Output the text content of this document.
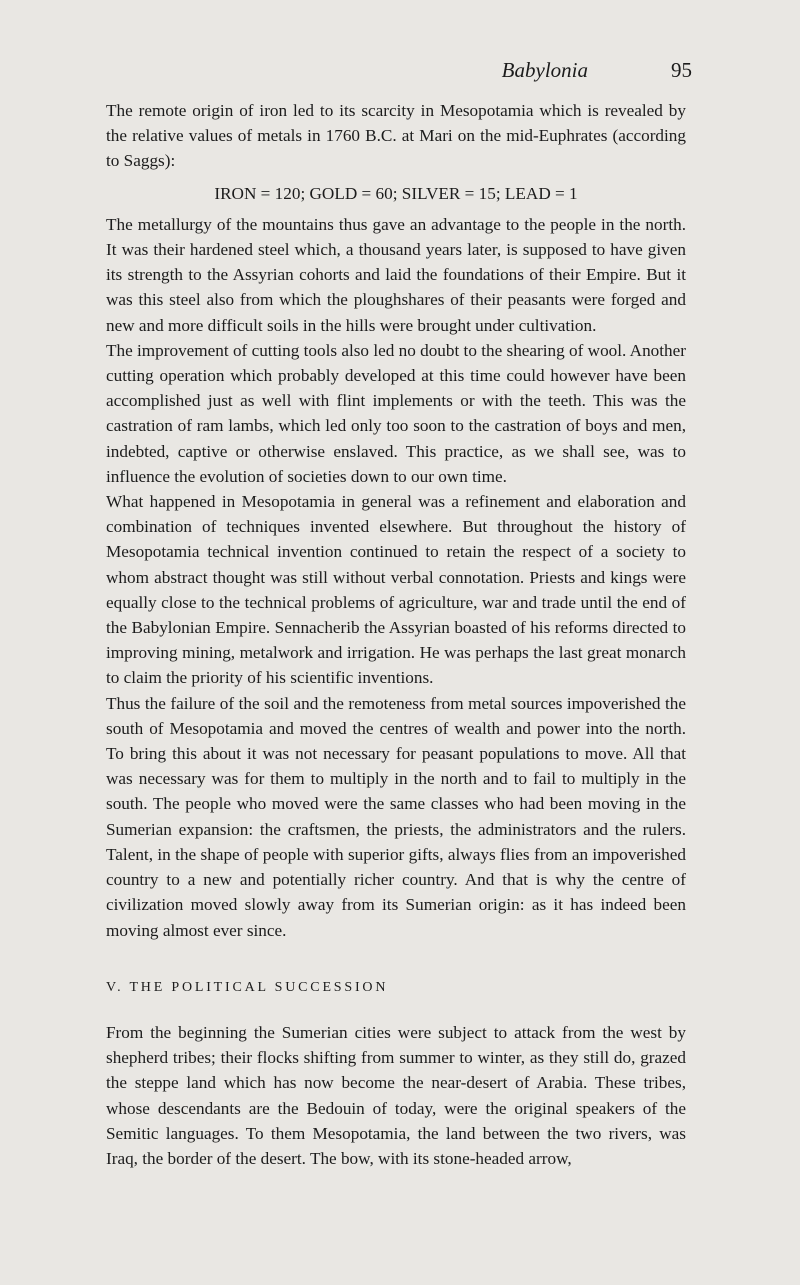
Babylonia	95

The remote origin of iron led to its scarcity in Mesopotamia which is revealed by the relative values of metals in 1760 B.C. at Mari on the mid-Euphrates (according to Saggs):

IRON = 120; GOLD = 60; SILVER = 15; LEAD = 1

The metallurgy of the mountains thus gave an advantage to the people in the north. It was their hardened steel which, a thousand years later, is supposed to have given its strength to the Assyrian cohorts and laid the foundations of their Empire. But it was this steel also from which the ploughshares of their peasants were forged and new and more difficult soils in the hills were brought under cultivation.

The improvement of cutting tools also led no doubt to the shearing of wool. Another cutting operation which probably developed at this time could however have been accomplished just as well with flint implements or with the teeth. This was the castration of ram lambs, which led only too soon to the castration of boys and men, indebted, captive or otherwise enslaved. This practice, as we shall see, was to influence the evolution of societies down to our own time.

What happened in Mesopotamia in general was a refinement and elaboration and combination of techniques invented elsewhere. But throughout the history of Mesopotamia technical invention continued to retain the respect of a society to whom abstract thought was still without verbal connotation. Priests and kings were equally close to the technical problems of agriculture, war and trade until the end of the Babylonian Empire. Sennacherib the Assyrian boasted of his reforms directed to improving mining, metalwork and irrigation. He was perhaps the last great monarch to claim the priority of his scientific inventions.

Thus the failure of the soil and the remoteness from metal sources impoverished the south of Mesopotamia and moved the centres of wealth and power into the north. To bring this about it was not necessary for peasant populations to move. All that was necessary was for them to multiply in the north and to fail to multiply in the south. The people who moved were the same classes who had been moving in the Sumerian expansion: the craftsmen, the priests, the administrators and the rulers. Talent, in the shape of people with superior gifts, always flies from an impoverished country to a new and potentially richer country. And that is why the centre of civilization moved slowly away from its Sumerian origin: as it has indeed been moving almost ever since.

V. THE POLITICAL SUCCESSION

From the beginning the Sumerian cities were subject to attack from the west by shepherd tribes; their flocks shifting from summer to winter, as they still do, grazed the steppe land which has now become the near-desert of Arabia. These tribes, whose descendants are the Bedouin of today, were the original speakers of the Semitic languages. To them Mesopotamia, the land between the two rivers, was Iraq, the border of the desert. The bow, with its stone-headed arrow,
